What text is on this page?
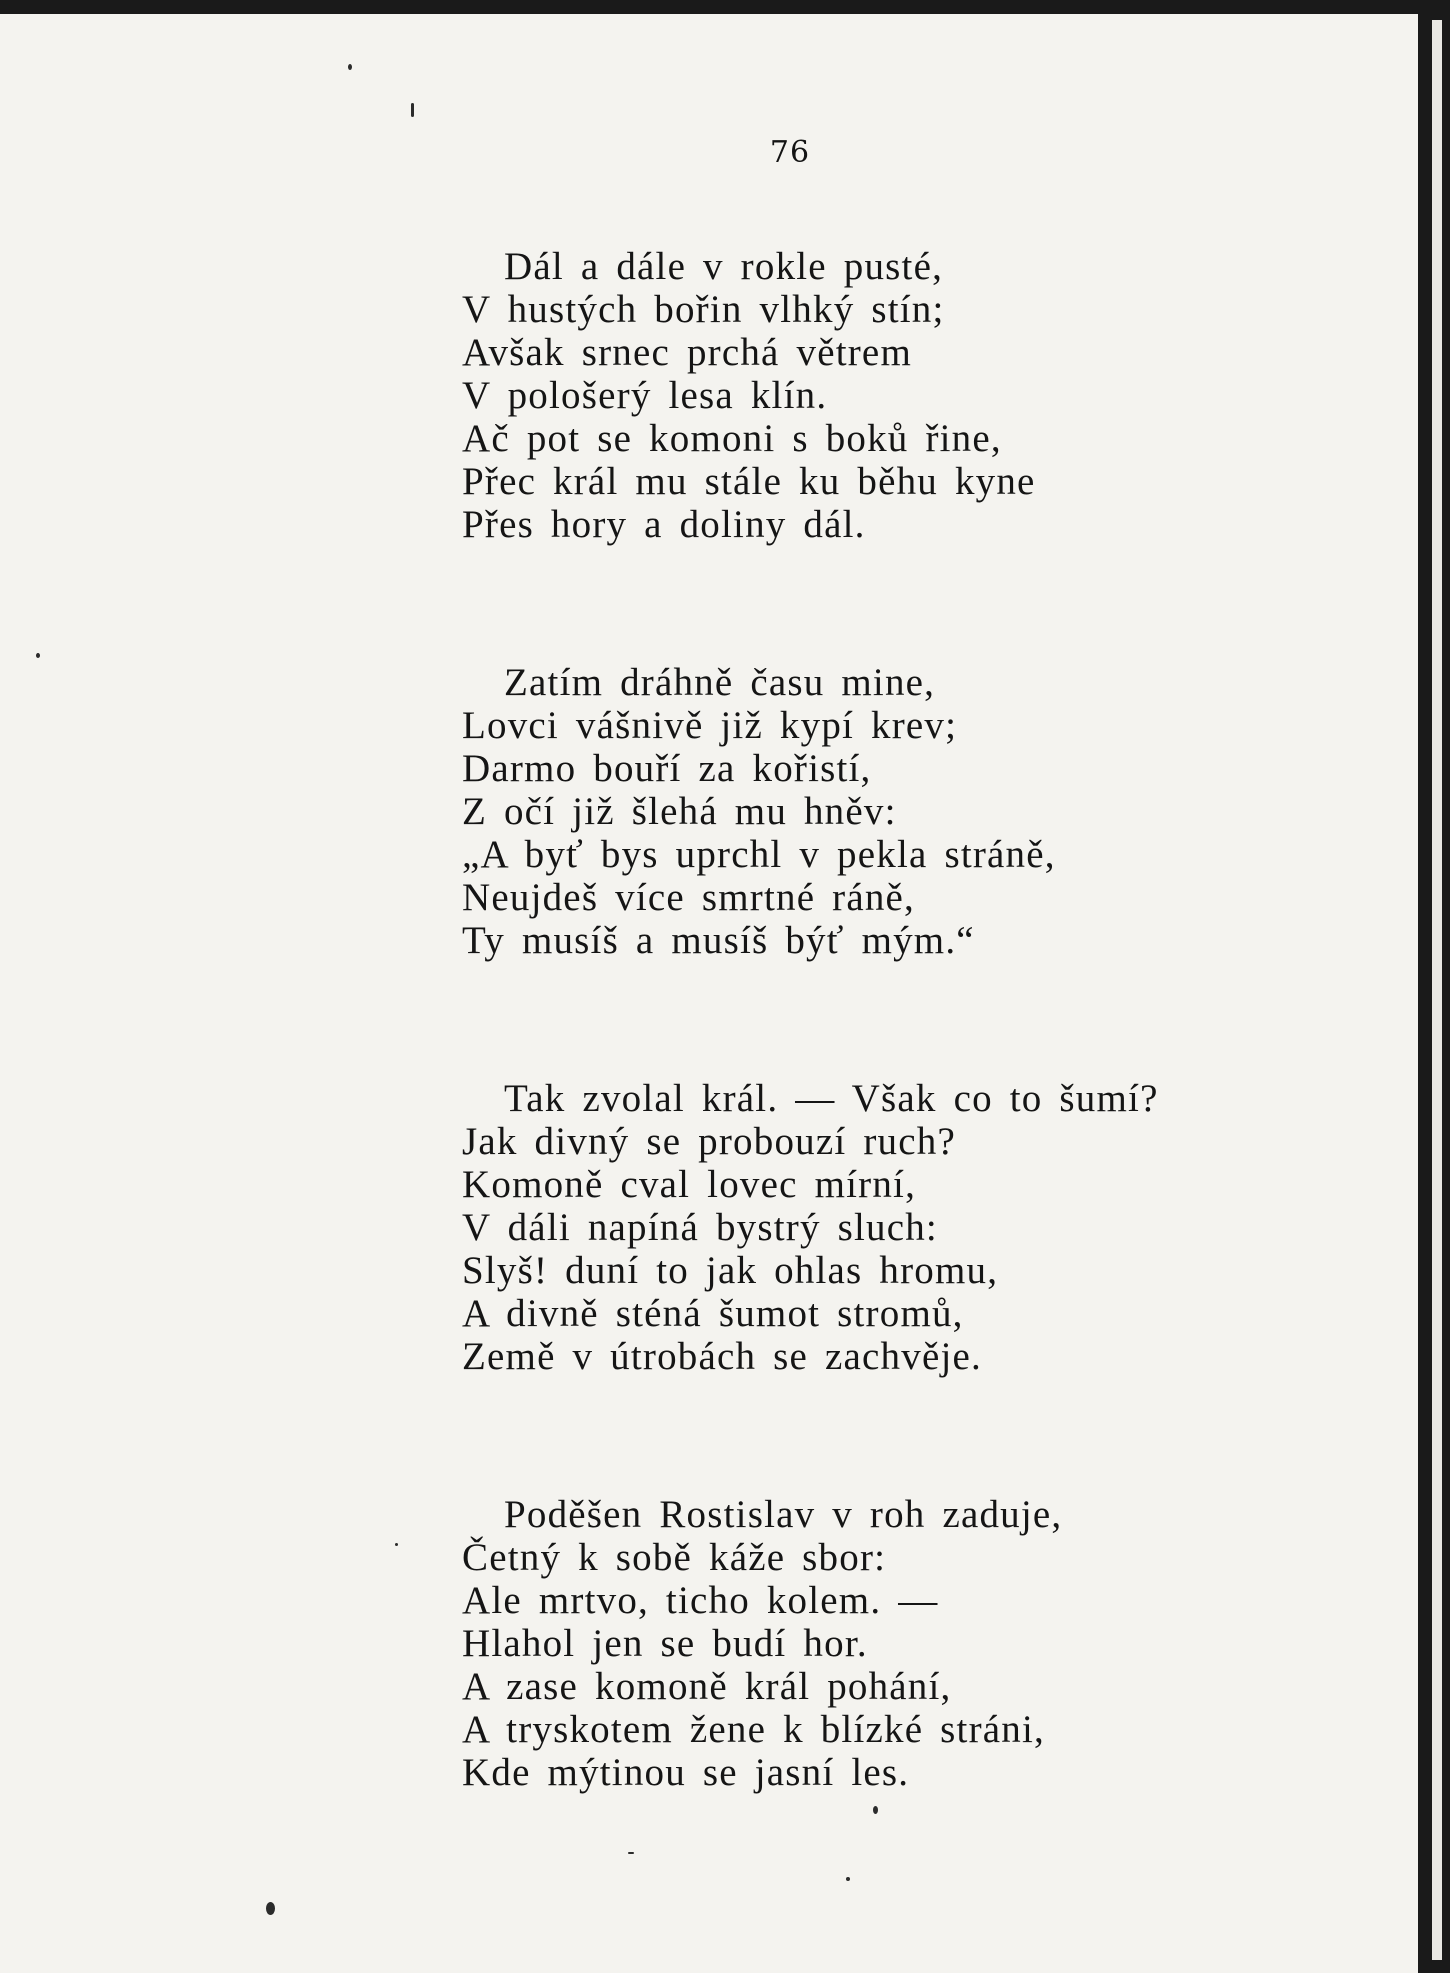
76
Dál a dále v rokle pusté,
V hustých bořin vlhký stín;
Avšak srnec prchá větrem
V pološerý lesa klín.
Ač pot se komoni s boků řine,
Přec král mu stále ku běhu kyne
Přes hory a doliny dál.
Zatím dráhně času mine,
Lovci vášnivě již kypí krev;
Darmo bouří za kořistí,
Z očí již šlehá mu hněv:
„A byť bys uprchl v pekla stráně,
Neujdeš více smrtné ráně,
Ty musíš a musíš býť mým.“
Tak zvolal král. — Však co to šumí?
Jak divný se probouzí ruch?
Komoně cval lovec mírní,
V dáli napíná bystrý sluch:
Slyš! duní to jak ohlas hromu,
A divně sténá šumot stromů,
Země v útrobách se zachvěje.
Poděšen Rostislav v roh zaduje,
Četný k sobě káže sbor:
Ale mrtvo, ticho kolem. —
Hlahol jen se budí hor.
A zase komoně král pohání,
A tryskotem žene k blízké stráni,
Kde mýtinou se jasní les.
